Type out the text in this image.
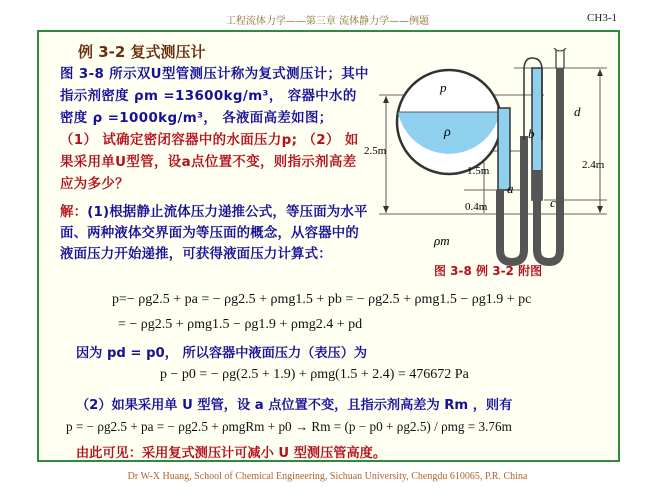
工程流体力学——第三章 流体静力学——例题	CH3-1
例 3-2 复式测压计
图 3-8 所示双U型管测压计称为复式测压计；其中指示剂密度 ρm =13600kg/m³， 容器中水的密度 ρ =1000kg/m³， 各液面高差如图； （1） 试确定密闭容器中的水面压力p; （2） 如果采用单U型管，设a点位置不变，则指示剂高差应为多少？
解：(1)根据静止流体压力递推公式，等压面为水平面、两种液体交界面为等压面的概念，从容器中的液面压力开始递推，可获得液面压力计算式：
p
ρ
ρm
a
b
c
d
2.5m
1.5m
0.4m
2.4m
图 3-8 例 3-2 附图
p=− ρg2.5 + pa = − ρg2.5 + ρmg1.5 + pb = − ρg2.5 + ρmg1.5 − ρg1.9 + pc
= − ρg2.5 + ρmg1.5 − ρg1.9 + ρmg2.4 + pd
因为 pd = p0， 所以容器中液面压力（表压）为
p − p0 = − ρg(2.5 + 1.9) + ρmg(1.5 + 2.4) = 476672 Pa
（2）如果采用单 U 型管，设 a 点位置不变，且指示剂高差为 Rm ，则有
p = − ρg2.5 + pa = − ρg2.5 + ρmgRm + p0 → Rm = (p − p0 + ρg2.5) / ρmg = 3.76m
由此可见：采用复式测压计可减小 U 型测压管高度。
Dr W-X Huang, School of Chemical Engineering, Sichuan University, Chengdu 610065, P.R. China
